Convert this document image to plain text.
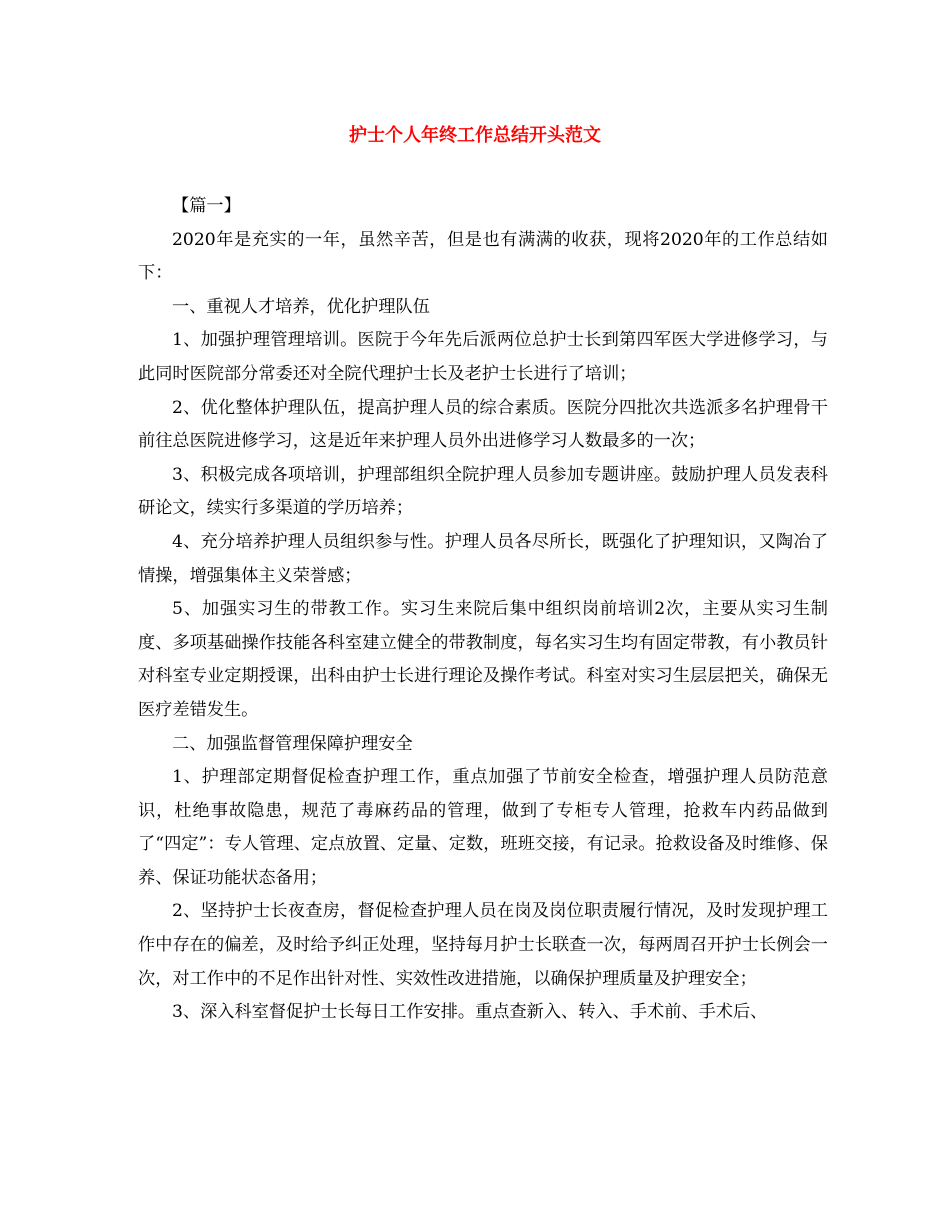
护士个人年终工作总结开头范文

【篇一】

2020年是充实的一年，虽然辛苦，但是也有满满的收获，现将2020年的工作总结如下：

一、重视人才培养，优化护理队伍

1、加强护理管理培训。医院于今年先后派两位总护士长到第四军医大学进修学习，与此同时医院部分常委还对全院代理护士长及老护士长进行了培训；

2、优化整体护理队伍，提高护理人员的综合素质。医院分四批次共选派多名护理骨干前往总医院进修学习，这是近年来护理人员外出进修学习人数最多的一次；

3、积极完成各项培训，护理部组织全院护理人员参加专题讲座。鼓励护理人员发表科研论文，续实行多渠道的学历培养；

4、充分培养护理人员组织参与性。护理人员各尽所长，既强化了护理知识，又陶冶了情操，增强集体主义荣誉感；

5、加强实习生的带教工作。实习生来院后集中组织岗前培训2次，主要从实习生制度、多项基础操作技能各科室建立健全的带教制度，每名实习生均有固定带教，有小教员针对科室专业定期授课，出科由护士长进行理论及操作考试。科室对实习生层层把关，确保无医疗差错发生。

二、加强监督管理保障护理安全

1、护理部定期督促检查护理工作，重点加强了节前安全检查，增强护理人员防范意识，杜绝事故隐患，规范了毒麻药品的管理，做到了专柜专人管理，抢救车内药品做到了“四定”：专人管理、定点放置、定量、定数，班班交接，有记录。抢救设备及时维修、保养、保证功能状态备用；

2、坚持护士长夜查房，督促检查护理人员在岗及岗位职责履行情况，及时发现护理工作中存在的偏差，及时给予纠正处理，坚持每月护士长联查一次，每两周召开护士长例会一次，对工作中的不足作出针对性、实效性改进措施，以确保护理质量及护理安全；

3、深入科室督促护士长每日工作安排。重点查新入、转入、手术前、手术后、
